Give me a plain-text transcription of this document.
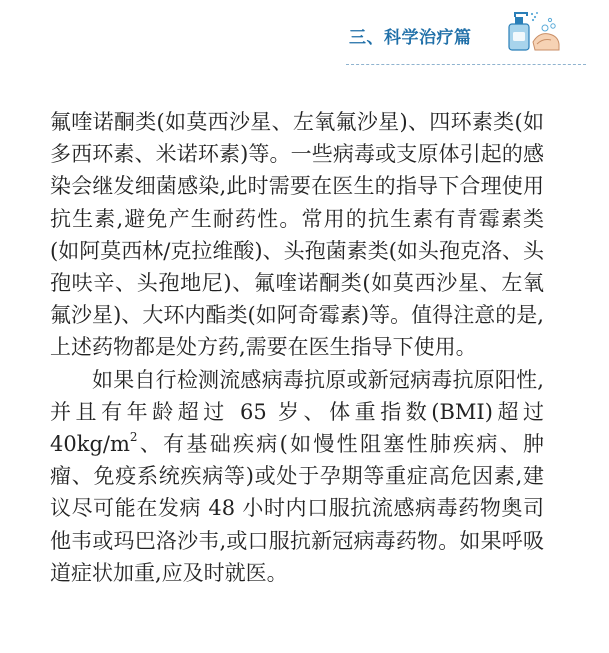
三、科学治疗篇

氟喹诺酮类(如莫西沙星、左氧氟沙星)、四环素类(如多西环素、米诺环素)等。一些病毒或支原体引起的感染会继发细菌感染,此时需要在医生的指导下合理使用抗生素,避免产生耐药性。常用的抗生素有青霉素类(如阿莫西林/克拉维酸)、头孢菌素类(如头孢克洛、头孢呋辛、头孢地尼)、氟喹诺酮类(如莫西沙星、左氧氟沙星)、大环内酯类(如阿奇霉素)等。值得注意的是,上述药物都是处方药,需要在医生指导下使用。

如果自行检测流感病毒抗原或新冠病毒抗原阳性,并且有年龄超过 65 岁、体重指数(BMI)超过 $40kg/m^2$、有基础疾病(如慢性阻塞性肺疾病、肿瘤、免疫系统疾病等)或处于孕期等重症高危因素,建议尽可能在发病 48 小时内口服抗流感病毒药物奥司他韦或玛巴洛沙韦,或口服抗新冠病毒药物。如果呼吸道症状加重,应及时就医。
